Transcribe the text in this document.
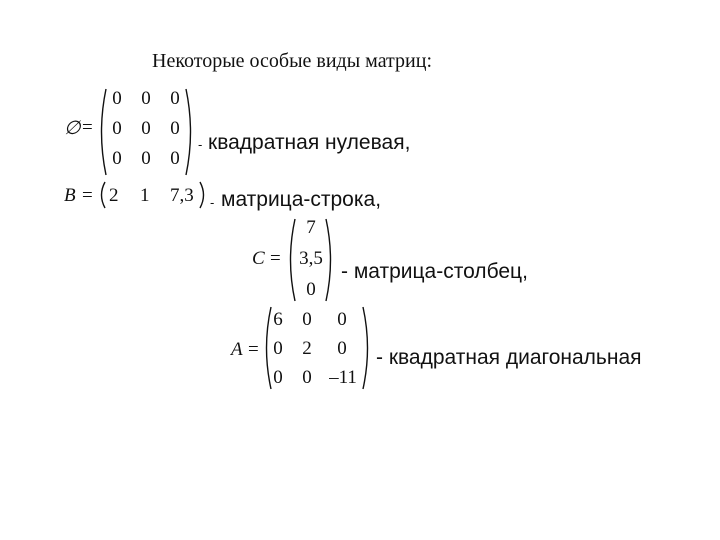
Некоторые особые виды матриц:
∅ =
0 0 0
0 0 0
0 0 0
- квадратная нулевая,
B = 2 1 7,3 - матрица-строка,
C =
7
3,5
0
- матрица-столбец,
A =
6 0 0
0 2 0
0 0 –11
- квадратная диагональная
